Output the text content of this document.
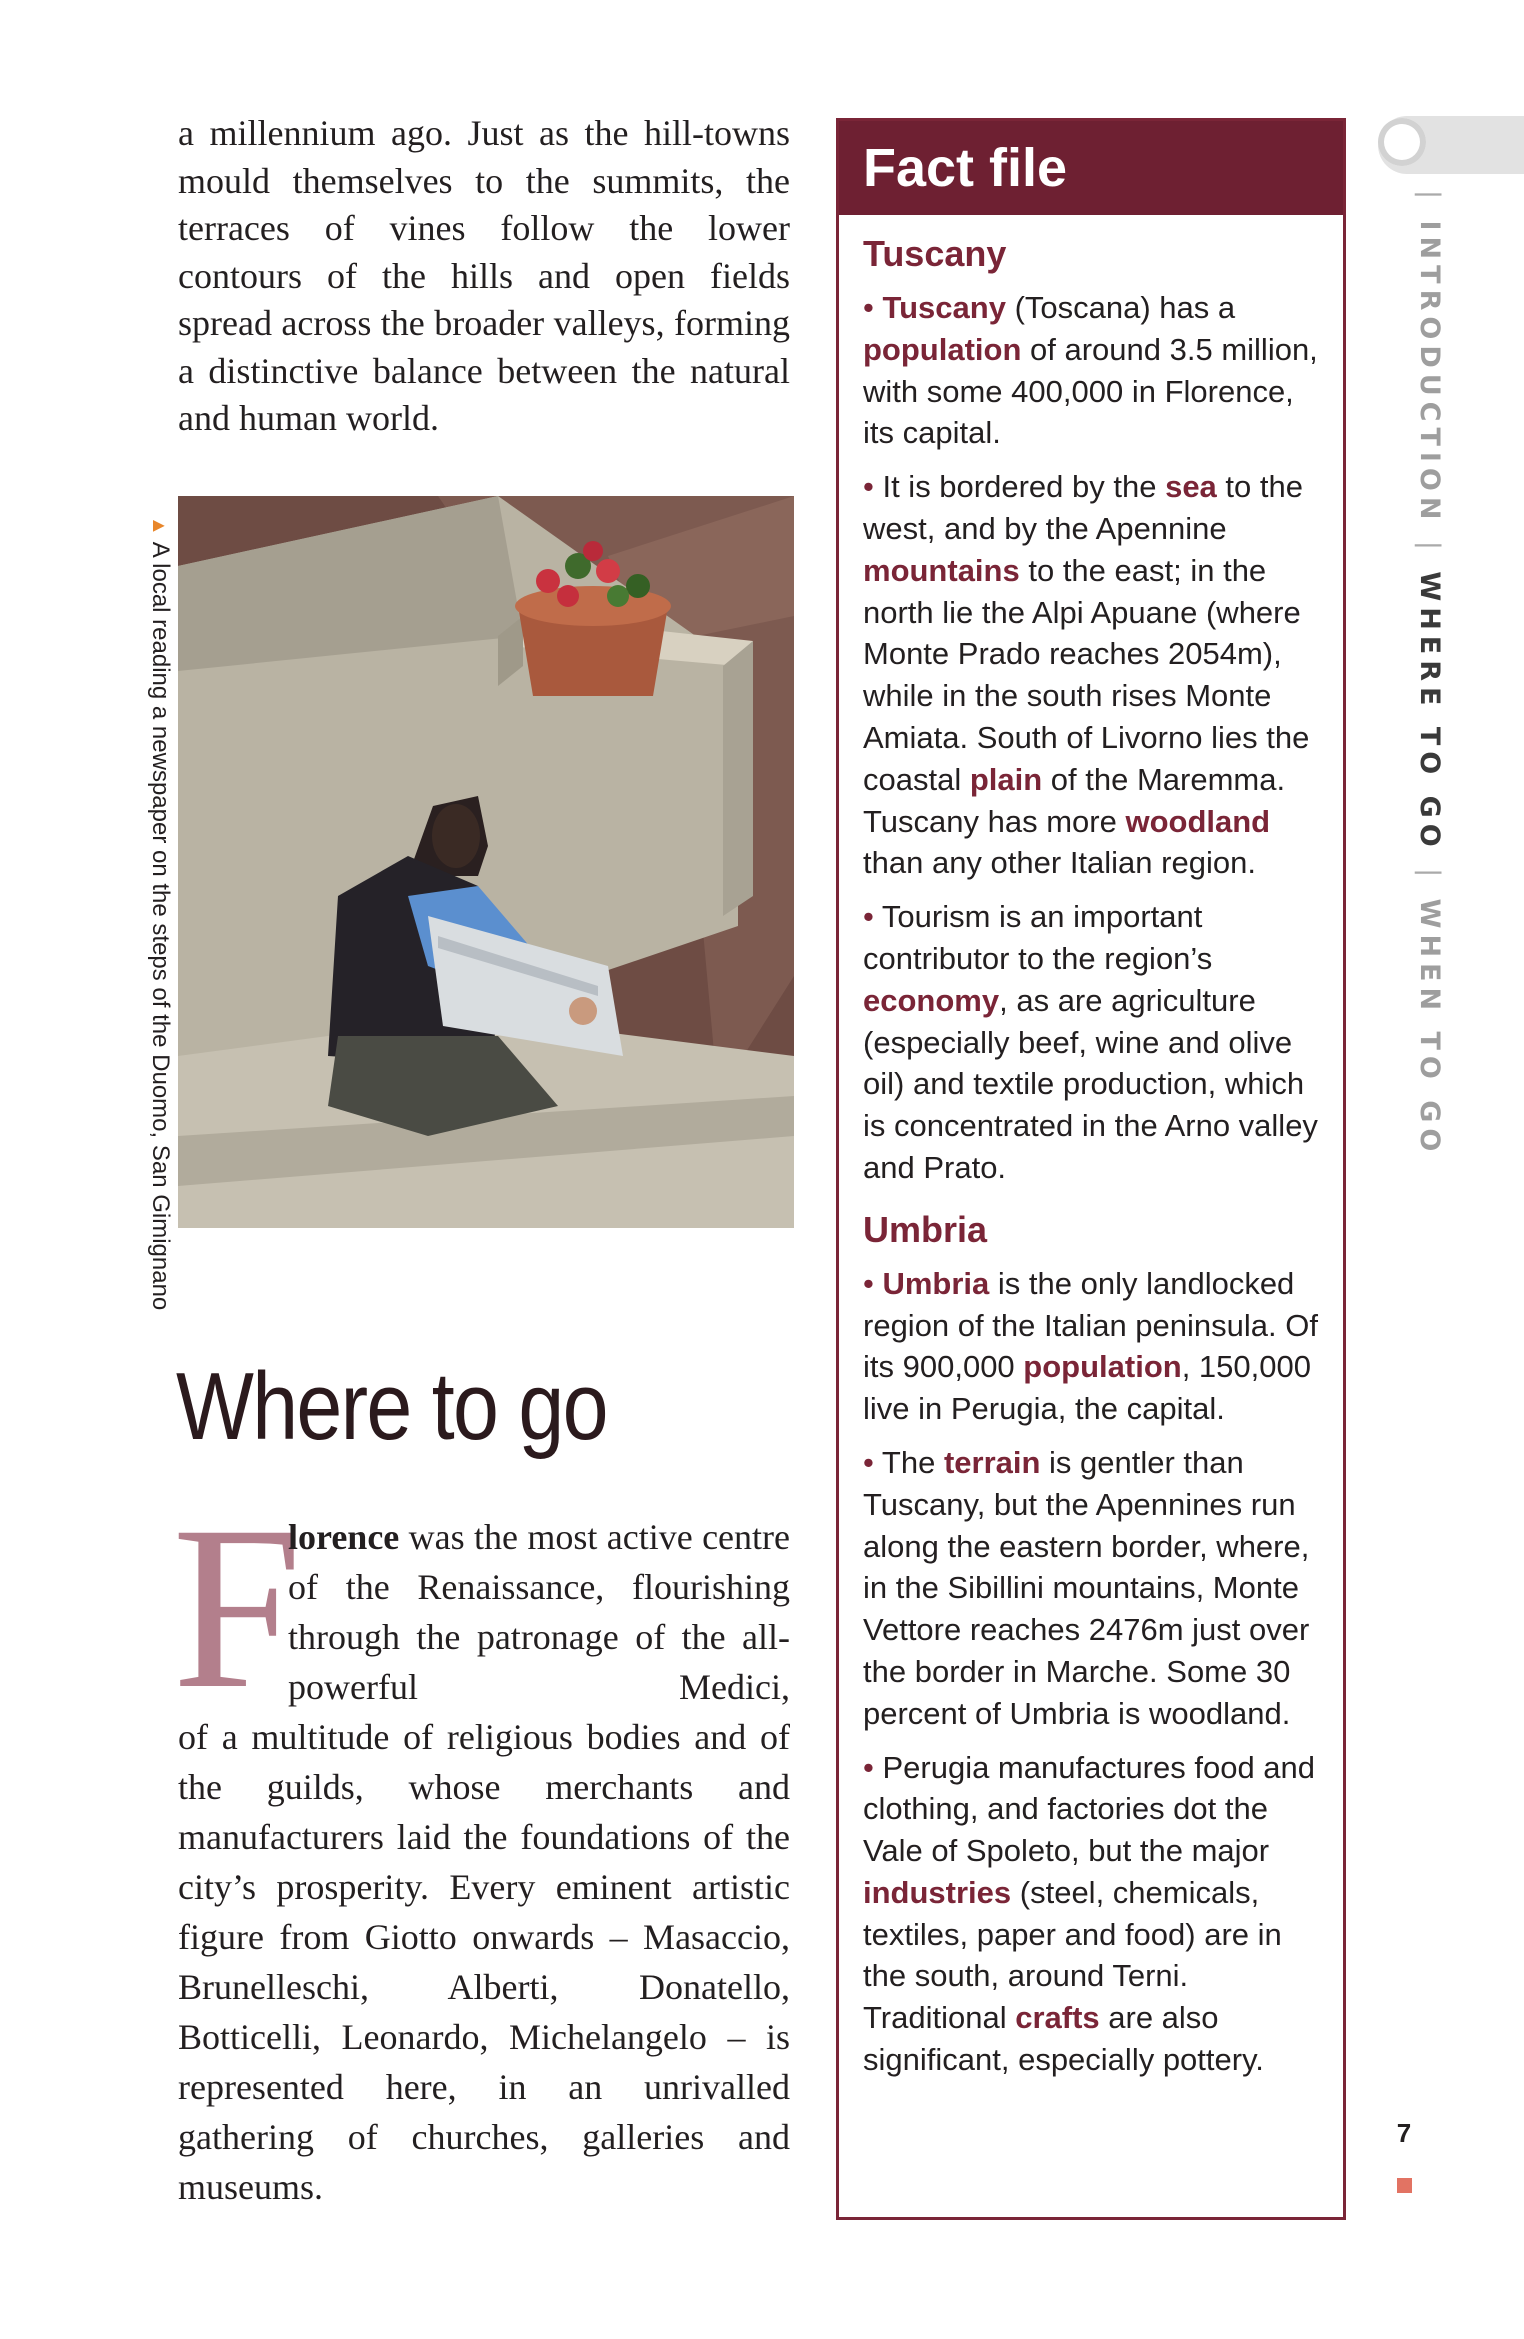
a millennium ago. Just as the hill-towns mould themselves to the summits, the terraces of vines follow the lower contours of the hills and open fields spread across the broader valleys, forming a distinctive balance between the natural and human world.

▲A local reading a newspaper on the steps of the Duomo, San Gimignano
Where to go
F

lorence was the most active centre of the Renaissance, flourishing through the patronage of the all-powerful Medici,

of a multitude of religious bodies and of the guilds, whose merchants and manufacturers laid the foundations of the city’s prosperity. Every eminent artistic figure from Giotto onwards – Masaccio, Brunelleschi, Alberti, Donatello, Botticelli, Leonardo, Michelangelo – is represented here, in an unrivalled gathering of churches, galleries and museums.

Fact file
Tuscany

• Tuscany (Toscana) has a population of around 3.5 million, with some 400,000 in Florence, its capital.

• It is bordered by the sea to the west, and by the Apennine mountains to the east; in the north lie the Alpi Apuane (where Monte Prado reaches 2054m), while in the south rises Monte Amiata. South of Livorno lies the coastal plain of the Maremma. Tuscany has more woodland than any other Italian region.

• Tourism is an important contributor to the region’s economy, as are agriculture (especially beef, wine and olive oil) and textile production, which is concentrated in the Arno valley and Prato.

Umbria

• Umbria is the only landlocked region of the Italian peninsula. Of its 900,000 population, 150,000 live in Perugia, the capital.

• The terrain is gentler than Tuscany, but the Apennines run along the eastern border, where, in the Sibillini mountains, Monte Vettore reaches 2476m just over the border in Marche. Some 30 percent of Umbria is woodland.

• Perugia manufactures food and clothing, and factories dot the Vale of Spoleto, but the major industries (steel, chemicals, textiles, paper and food) are in the south, around Terni. Traditional crafts are also significant, especially pottery.

| INTRODUCTION | WHERE TO GO | WHEN TO GO
7
